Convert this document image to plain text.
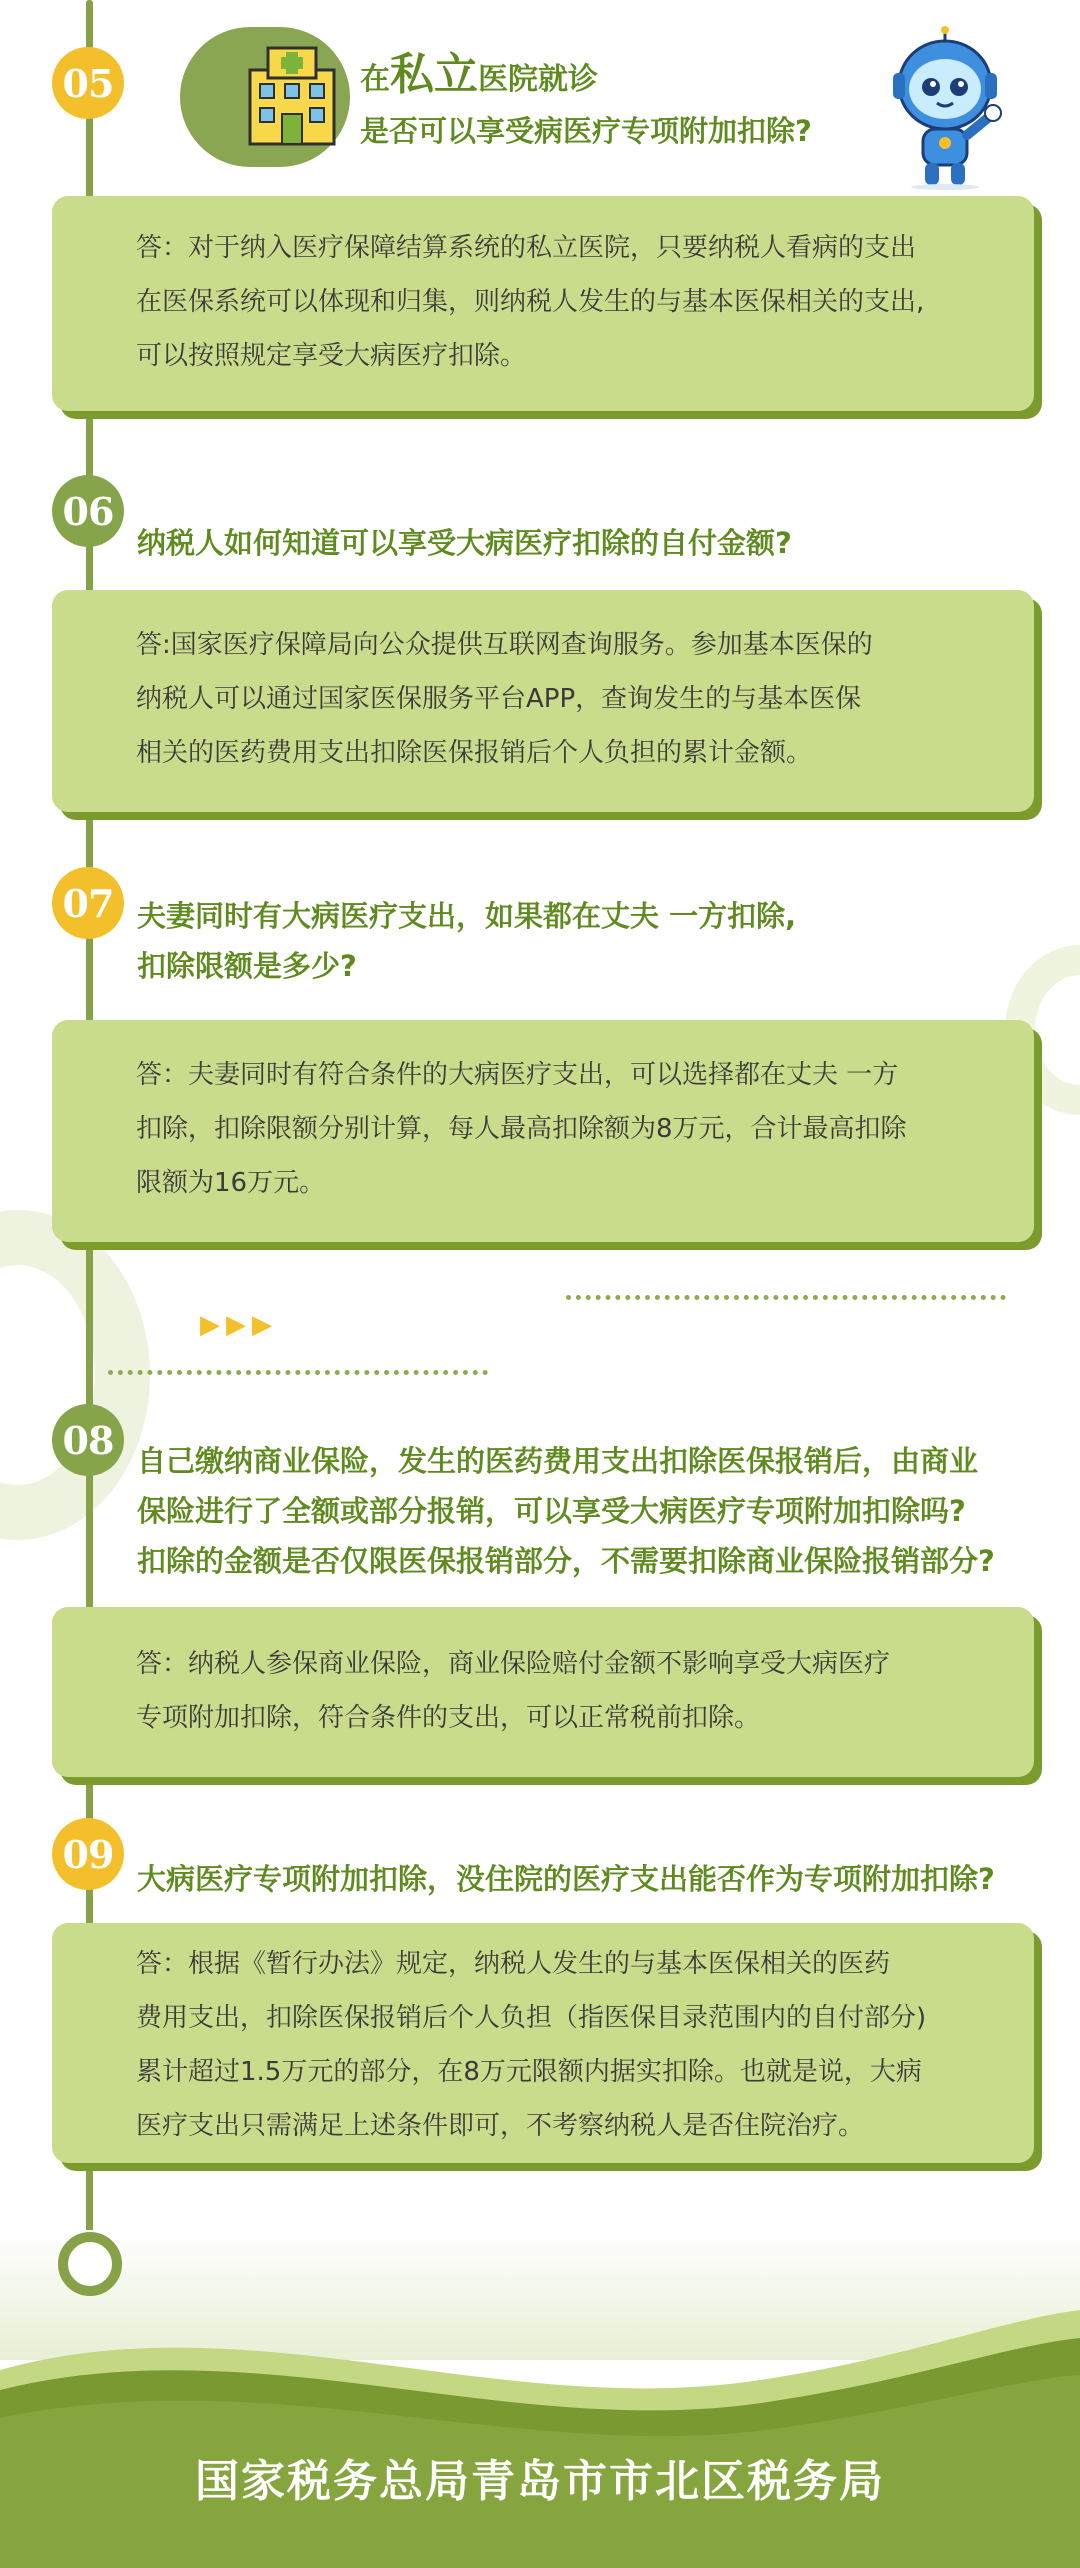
05	在私立医院就诊
是否可以享受病医疗专项附加扣除?
答：对于纳入医疗保障结算系统的私立医院，只要纳税人看病的支出
在医保系统可以体现和归集，则纳税人发生的与基本医保相关的支出,
可以按照规定享受大病医疗扣除。
06
纳税人如何知道可以享受大病医疗扣除的自付金额?
答:国家医疗保障局向公众提供互联网查询服务。参加基本医保的
纳税人可以通过国家医保服务平台APP，查询发生的与基本医保
相关的医药费用支出扣除医保报销后个人负担的累计金额。
07 夫妻同时有大病医疗支出，如果都在丈夫 一方扣除,
扣除限额是多少?
答：夫妻同时有符合条件的大病医疗支出，可以选择都在丈夫 一方
扣除，扣除限额分别计算，每人最高扣除额为8万元，合计最高扣除
限额为16万元。
▶▶▶
08 自己缴纳商业保险，发生的医药费用支出扣除医保报销后，由商业
保险进行了全额或部分报销，可以享受大病医疗专项附加扣除吗?
扣除的金额是否仅限医保报销部分，不需要扣除商业保险报销部分?
答：纳税人参保商业保险，商业保险赔付金额不影响享受大病医疗
专项附加扣除，符合条件的支出，可以正常税前扣除。
09
大病医疗专项附加扣除，没住院的医疗支出能否作为专项附加扣除?
答：根据《暂行办法》规定，纳税人发生的与基本医保相关的医药
费用支出，扣除医保报销后个人负担（指医保目录范围内的自付部分)
累计超过1.5万元的部分，在8万元限额内据实扣除。也就是说，大病
医疗支出只需满足上述条件即可，不考察纳税人是否住院治疗。
国家税务总局青岛市市北区税务局
